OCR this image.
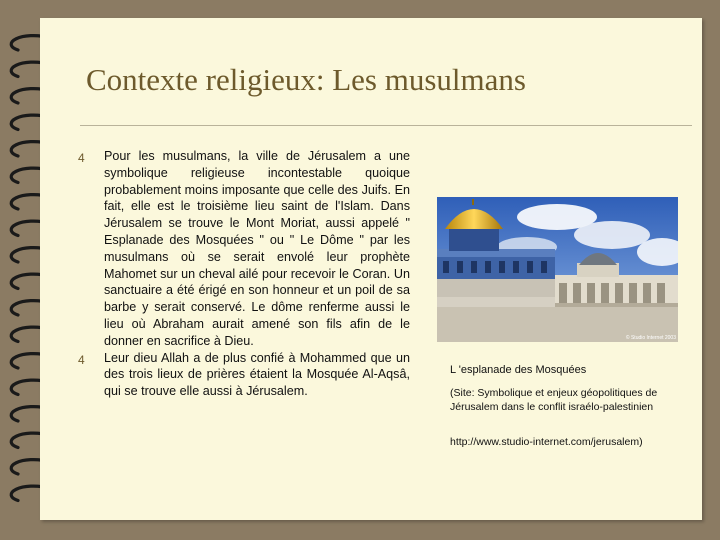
Contexte religieux: Les musulmans
4 Pour les musulmans, la ville de Jérusalem a une symbolique religieuse incontestable quoique probablement moins imposante que celle des Juifs. En fait, elle est le troisième lieu saint de l'Islam. Dans Jérusalem se trouve le Mont Moriat, aussi appelé " Esplanade des Mosquées " ou " Le Dôme " par les musulmans où se serait envolé leur prophète Mahomet sur un cheval ailé pour recevoir le Coran. Un sanctuaire a été érigé en son honneur et un poil de sa barbe y serait conservé. Le dôme renferme aussi le lieu où Abraham aurait amené son fils afin de le donner en sacrifice à Dieu.
4 Leur dieu Allah a de plus confié à Mohammed que un des trois lieux de prières étaient la Mosquée Al-Aqsâ, qui se trouve elle aussi à Jérusalem.
© Studio Internet 2003
L 'esplanade des Mosquées
(Site: Symbolique et enjeux géopolitiques de Jérusalem dans le conflit israélo-palestinien
http://www.studio-internet.com/jerusalem)
